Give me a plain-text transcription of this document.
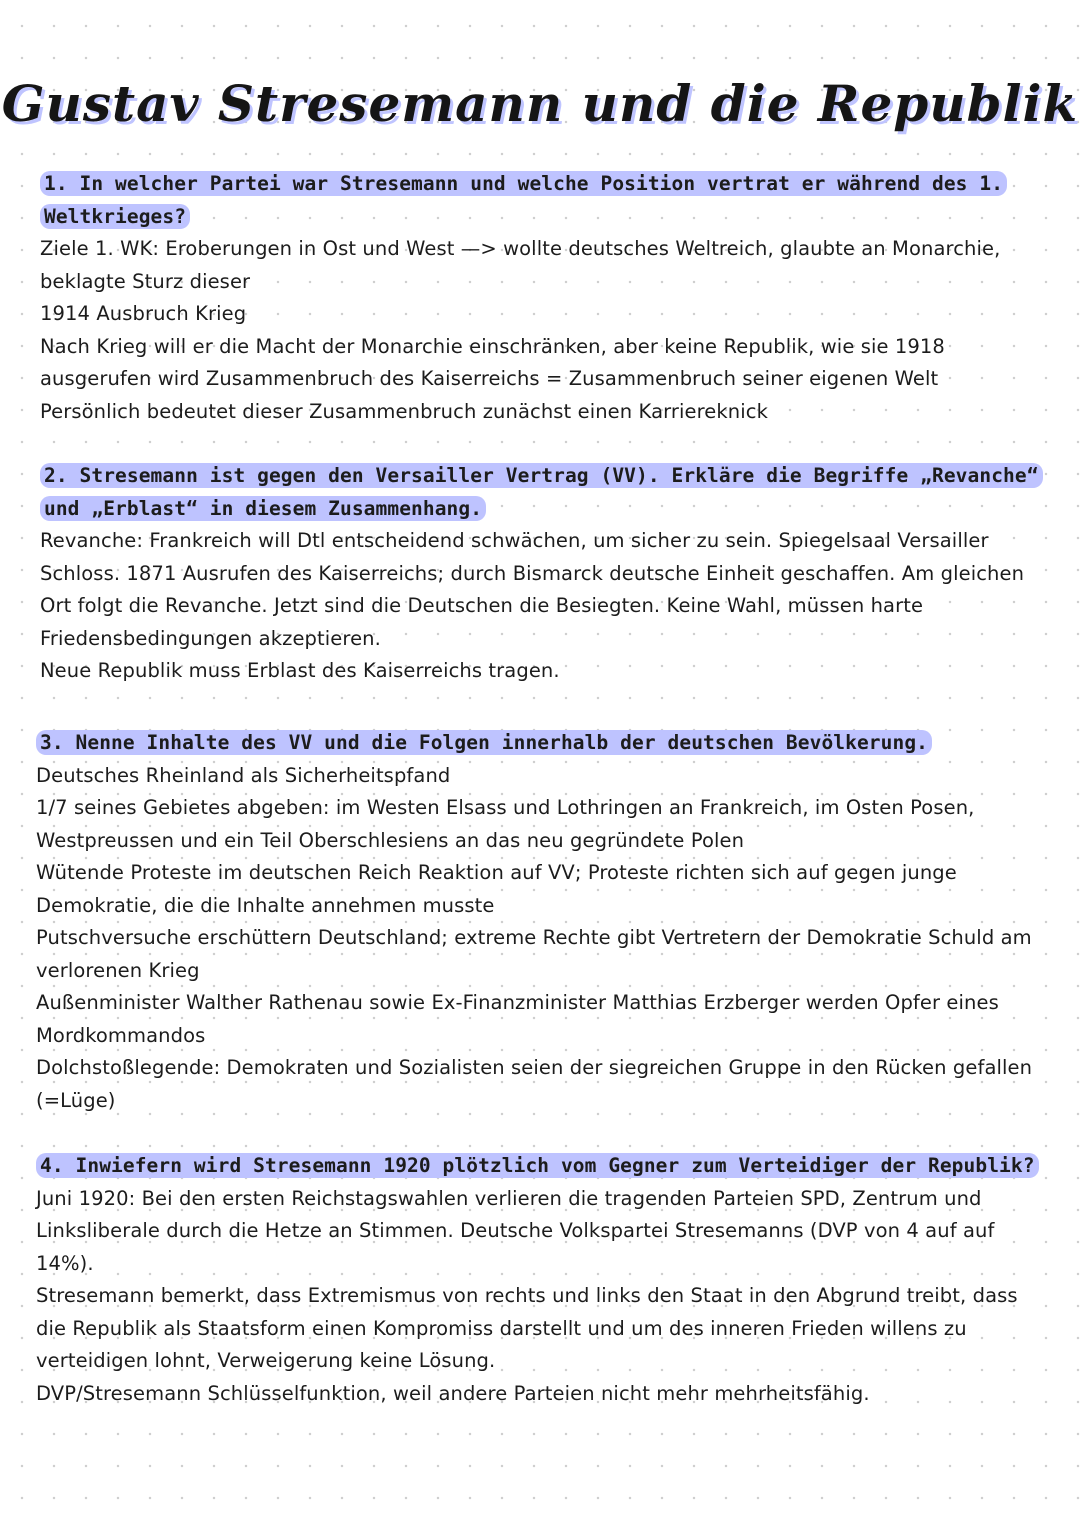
Gustav Stresemann und die Republik

1. In welcher Partei war Stresemann und welche Position vertrat er während des 1. Weltkrieges?

Ziele 1. WK: Eroberungen in Ost und West —> wollte deutsches Weltreich, glaubte an Monarchie, beklagte Sturz dieser
1914 Ausbruch Krieg
Nach Krieg will er die Macht der Monarchie einschränken, aber keine Republik, wie sie 1918 ausgerufen wird Zusammenbruch des Kaiserreichs = Zusammenbruch seiner eigenen Welt
Persönlich bedeutet dieser Zusammenbruch zunächst einen Karriereknick

2. Stresemann ist gegen den Versailler Vertrag (VV). Erkläre die Begriffe „Revanche“ und „Erblast“ in diesem Zusammenhang.

Revanche: Frankreich will Dtl entscheidend schwächen, um sicher zu sein. Spiegelsaal Versailler Schloss. 1871 Ausrufen des Kaiserreichs; durch Bismarck deutsche Einheit geschaffen. Am gleichen Ort folgt die Revanche. Jetzt sind die Deutschen die Besiegten. Keine Wahl, müssen harte Friedensbedingungen akzeptieren.
Neue Republik muss Erblast des Kaiserreichs tragen.

3. Nenne Inhalte des VV und die Folgen innerhalb der deutschen Bevölkerung.

Deutsches Rheinland als Sicherheitspfand
1/7 seines Gebietes abgeben: im Westen Elsass und Lothringen an Frankreich, im Osten Posen, Westpreussen und ein Teil Oberschlesiens an das neu gegründete Polen
Wütende Proteste im deutschen Reich Reaktion auf VV; Proteste richten sich auf gegen junge Demokratie, die die Inhalte annehmen musste
Putschversuche erschüttern Deutschland; extreme Rechte gibt Vertretern der Demokratie Schuld am verlorenen Krieg
Außenminister Walther Rathenau sowie Ex-Finanzminister Matthias Erzberger werden Opfer eines Mordkommandos
Dolchstoßlegende: Demokraten und Sozialisten seien der siegreichen Gruppe in den Rücken gefallen (=Lüge)

4. Inwiefern wird Stresemann 1920 plötzlich vom Gegner zum Verteidiger der Republik?

Juni 1920: Bei den ersten Reichstagswahlen verlieren die tragenden Parteien SPD, Zentrum und Linksliberale durch die Hetze an Stimmen. Deutsche Volkspartei Stresemanns (DVP von 4 auf auf 14%).
Stresemann bemerkt, dass Extremismus von rechts und links den Staat in den Abgrund treibt, dass die Republik als Staatsform einen Kompromiss darstellt und um des inneren Frieden willens zu verteidigen lohnt, Verweigerung keine Lösung.
DVP/Stresemann Schlüsselfunktion, weil andere Parteien nicht mehr mehrheitsfähig.
